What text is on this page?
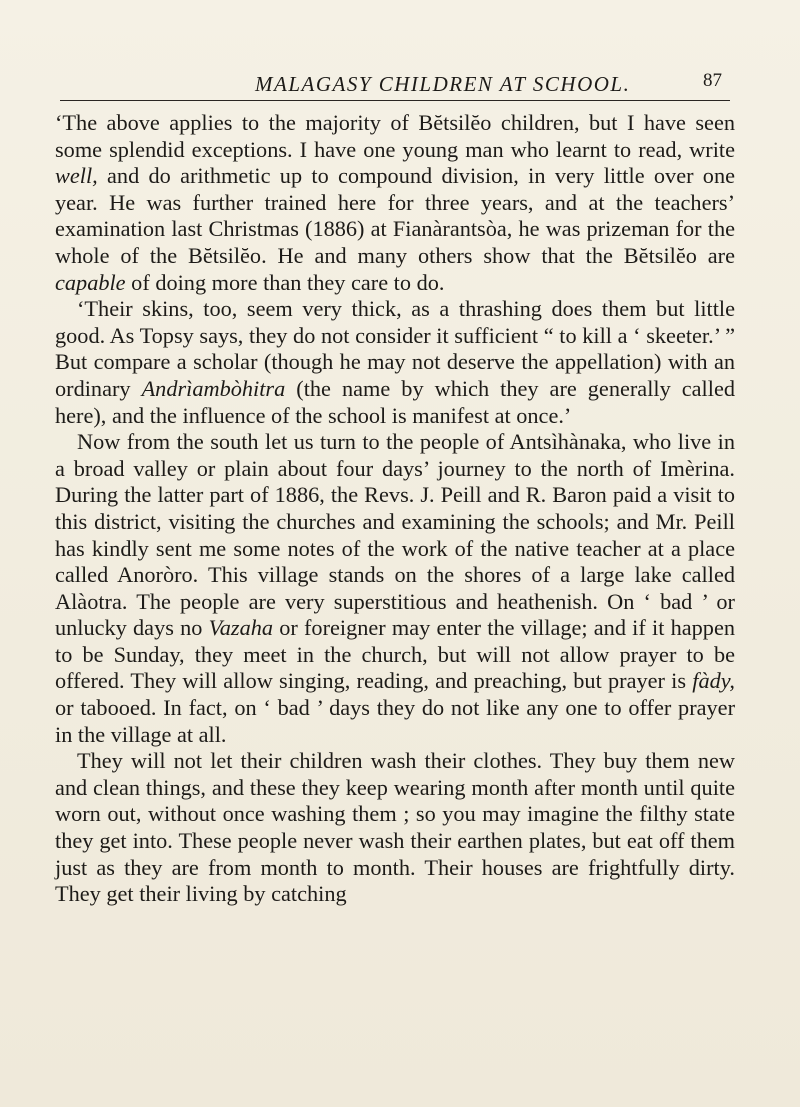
MALAGASY CHILDREN AT SCHOOL.	87

‘The above applies to the majority of Bĕtsilĕo children, but I have seen some splendid exceptions. I have one young man who learnt to read, write well, and do arithmetic up to compound division, in very little over one year. He was further trained here for three years, and at the teachers’ examination last Christmas (1886) at Fianàrantsòa, he was prizeman for the whole of the Bĕtsilĕo. He and many others show that the Bĕtsilĕo are capable of doing more than they care to do.

‘Their skins, too, seem very thick, as a thrashing does them but little good. As Topsy says, they do not consider it sufficient “ to kill a ‘ skeeter.’ ” But compare a scholar (though he may not deserve the appellation) with an ordinary Andrìambòhitra (the name by which they are generally called here), and the influence of the school is manifest at once.’

Now from the south let us turn to the people of Antsìhànaka, who live in a broad valley or plain about four days’ journey to the north of Imèrina. During the latter part of 1886, the Revs. J. Peill and R. Baron paid a visit to this district, visiting the churches and examining the schools; and Mr. Peill has kindly sent me some notes of the work of the native teacher at a place called Anoròro. This village stands on the shores of a large lake called Alàotra. The people are very superstitious and heathenish. On ‘ bad ’ or unlucky days no Vazaha or foreigner may enter the village; and if it happen to be Sunday, they meet in the church, but will not allow prayer to be offered. They will allow singing, reading, and preaching, but prayer is fàdy, or tabooed. In fact, on ‘ bad ’ days they do not like any one to offer prayer in the village at all.

They will not let their children wash their clothes. They buy them new and clean things, and these they keep wearing month after month until quite worn out, without once washing them ; so you may imagine the filthy state they get into. These people never wash their earthen plates, but eat off them just as they are from month to month. Their houses are frightfully dirty. They get their living by catching
